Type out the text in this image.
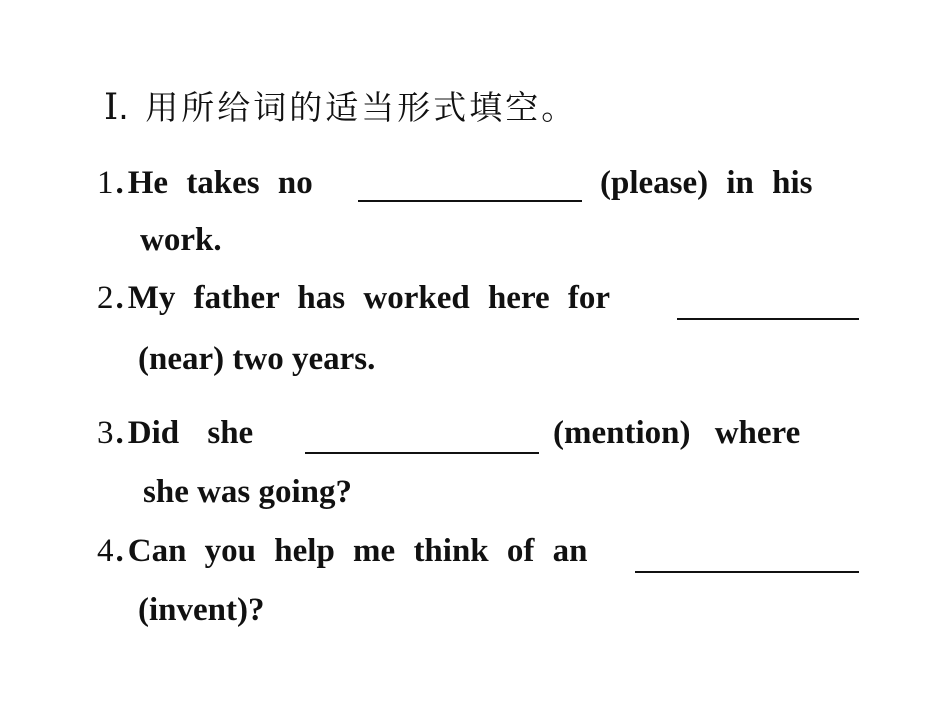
Ⅰ. 用所给词的适当形式填空。
1. He takes no	(please) in his
work.
2. My father has worked here for
(near) two years.
3. Did she	(mention) where
she was going?
4. Can you help me think of an
(invent)?
